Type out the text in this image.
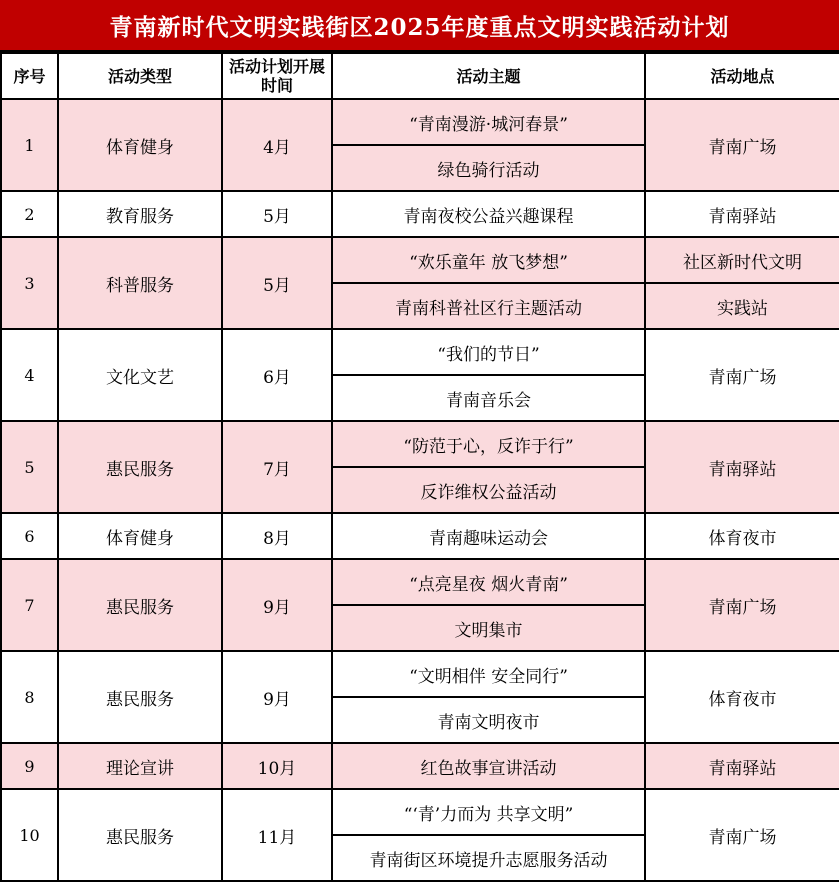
青南新时代文明实践街区2025年度重点文明实践活动计划
序号	活动类型	活动计划开展时间	活动主题	活动地点
1	体育健身	4月	“青南漫游·城河春景”	青南广场
			绿色骑行活动	
2	教育服务	5月	青南夜校公益兴趣课程	青南驿站
3	科普服务	5月	“欢乐童年 放飞梦想”	社区新时代文明
			青南科普社区行主题活动	实践站
4	文化文艺	6月	“我们的节日”	青南广场
			青南音乐会	
5	惠民服务	7月	“防范于心，反诈于行”	青南驿站
			反诈维权公益活动	
6	体育健身	8月	青南趣味运动会	体育夜市
7	惠民服务	9月	“点亮星夜 烟火青南”	青南广场
			文明集市	
8	惠民服务	9月	“文明相伴 安全同行”	体育夜市
			青南文明夜市	
9	理论宣讲	10月	红色故事宣讲活动	青南驿站
10	惠民服务	11月	“‘青’力而为 共享文明”	青南广场
			青南街区环境提升志愿服务活动	
